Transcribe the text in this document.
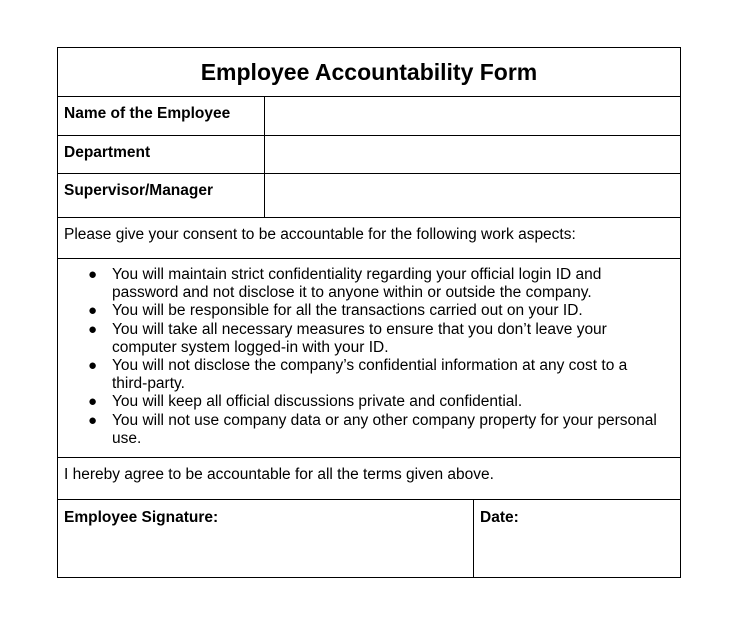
Employee Accountability Form
Name of the Employee
Department
Supervisor/Manager
Please give your consent to be accountable for the following work aspects:
● You will maintain strict confidentiality regarding your official login ID and password and not disclose it to anyone within or outside the company.
● You will be responsible for all the transactions carried out on your ID.
● You will take all necessary measures to ensure that you don’t leave your computer system logged-in with your ID.
● You will not disclose the company’s confidential information at any cost to a third-party.
● You will keep all official discussions private and confidential.
● You will not use company data or any other company property for your personal use.
I hereby agree to be accountable for all the terms given above.
Employee Signature:	Date:
